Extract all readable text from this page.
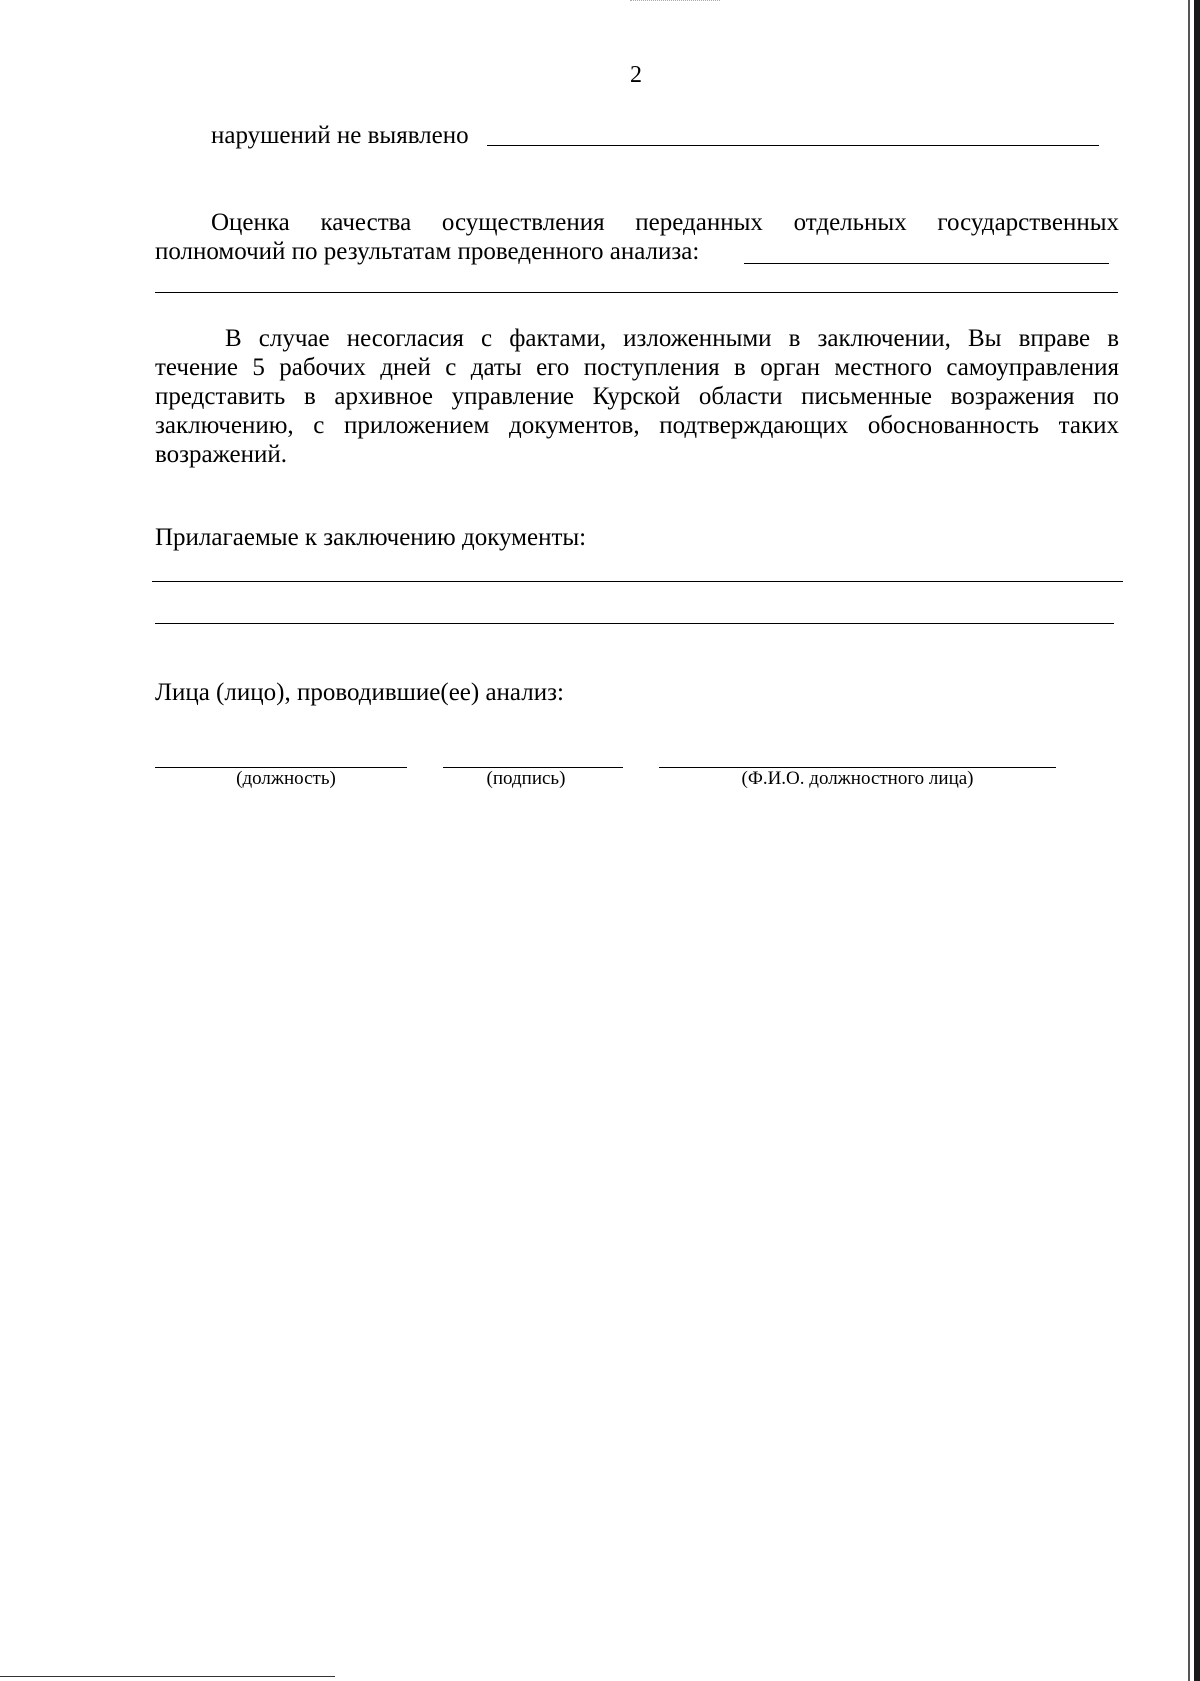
2
нарушений не выявлено
Оценка качества осуществления переданных отдельных государственных
полномочий по результатам проведенного анализа:
В случае несогласия с фактами, изложенными в заключении, Вы вправе в
течение 5 рабочих дней с даты его поступления в орган местного самоуправления
представить в архивное управление Курской области письменные возражения по
заключению, с приложением документов, подтверждающих обоснованность таких
возражений.
Прилагаемые к заключению документы:
Лица (лицо), проводившие(ее) анализ:
(должность)	(подпись)	(Ф.И.О. должностного лица)
